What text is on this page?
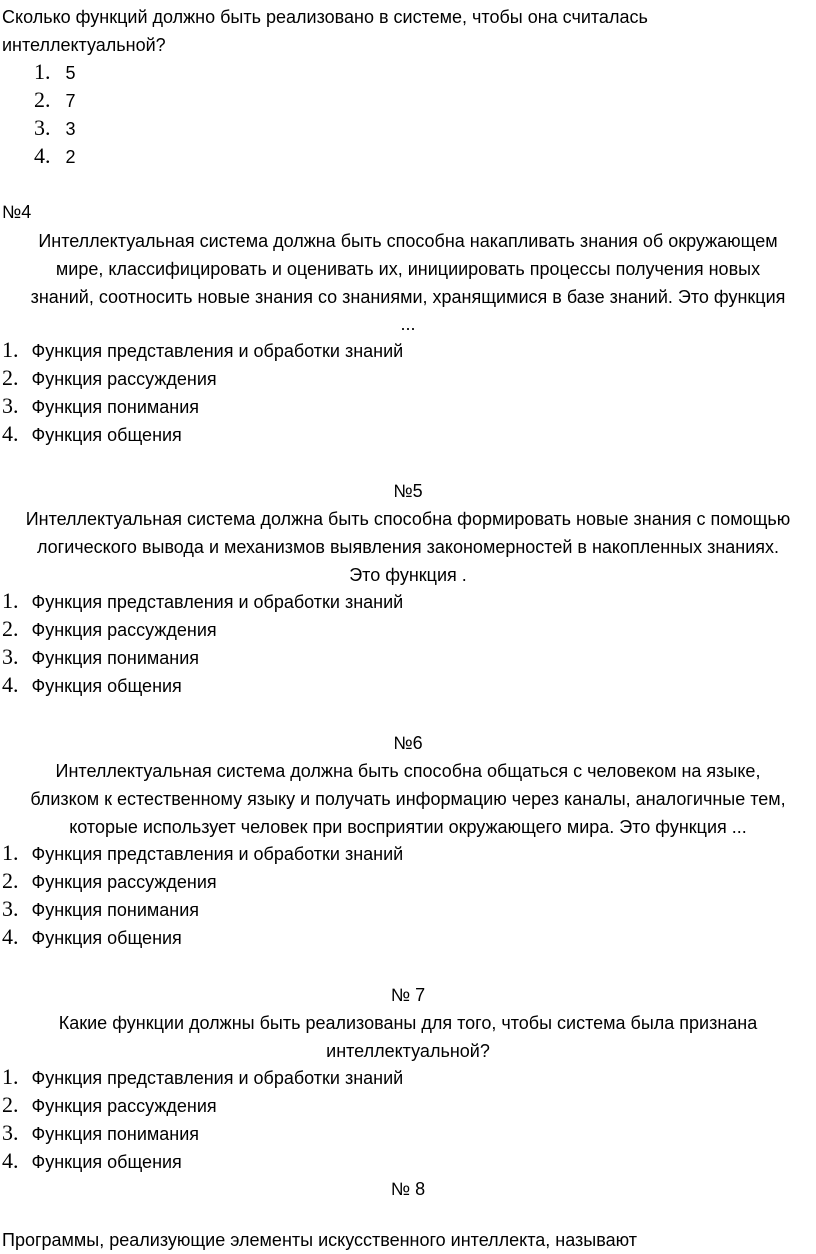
Сколько функций должно быть реализовано в системе, чтобы она считалась
интеллектуальной?
1. 5
2. 7
3. 3
4. 2
№4
Интеллектуальная система должна быть способна накапливать знания об окружающем
мире, классифицировать и оценивать их, инициировать процессы получения новых
знаний, соотносить новые знания со знаниями, хранящимися в базе знаний. Это функция
...
1. Функция представления и обработки знаний
2. Функция рассуждения
3. Функция понимания
4. Функция общения
№5
Интеллектуальная система должна быть способна формировать новые знания с помощью
логического вывода и механизмов выявления закономерностей в накопленных знаниях.
Это функция .
1. Функция представления и обработки знаний
2. Функция рассуждения
3. Функция понимания
4. Функция общения
№6
Интеллектуальная система должна быть способна общаться с человеком на языке,
близком к естественному языку и получать информацию через каналы, аналогичные тем,
которые использует человек при восприятии окружающего мира. Это функция ...
1. Функция представления и обработки знаний
2. Функция рассуждения
3. Функция понимания
4. Функция общения
№ 7
Какие функции должны быть реализованы для того, чтобы система была признана
интеллектуальной?
1. Функция представления и обработки знаний
2. Функция рассуждения
3. Функция понимания
4. Функция общения
№ 8
Программы, реализующие элементы искусственного интеллекта, называют
